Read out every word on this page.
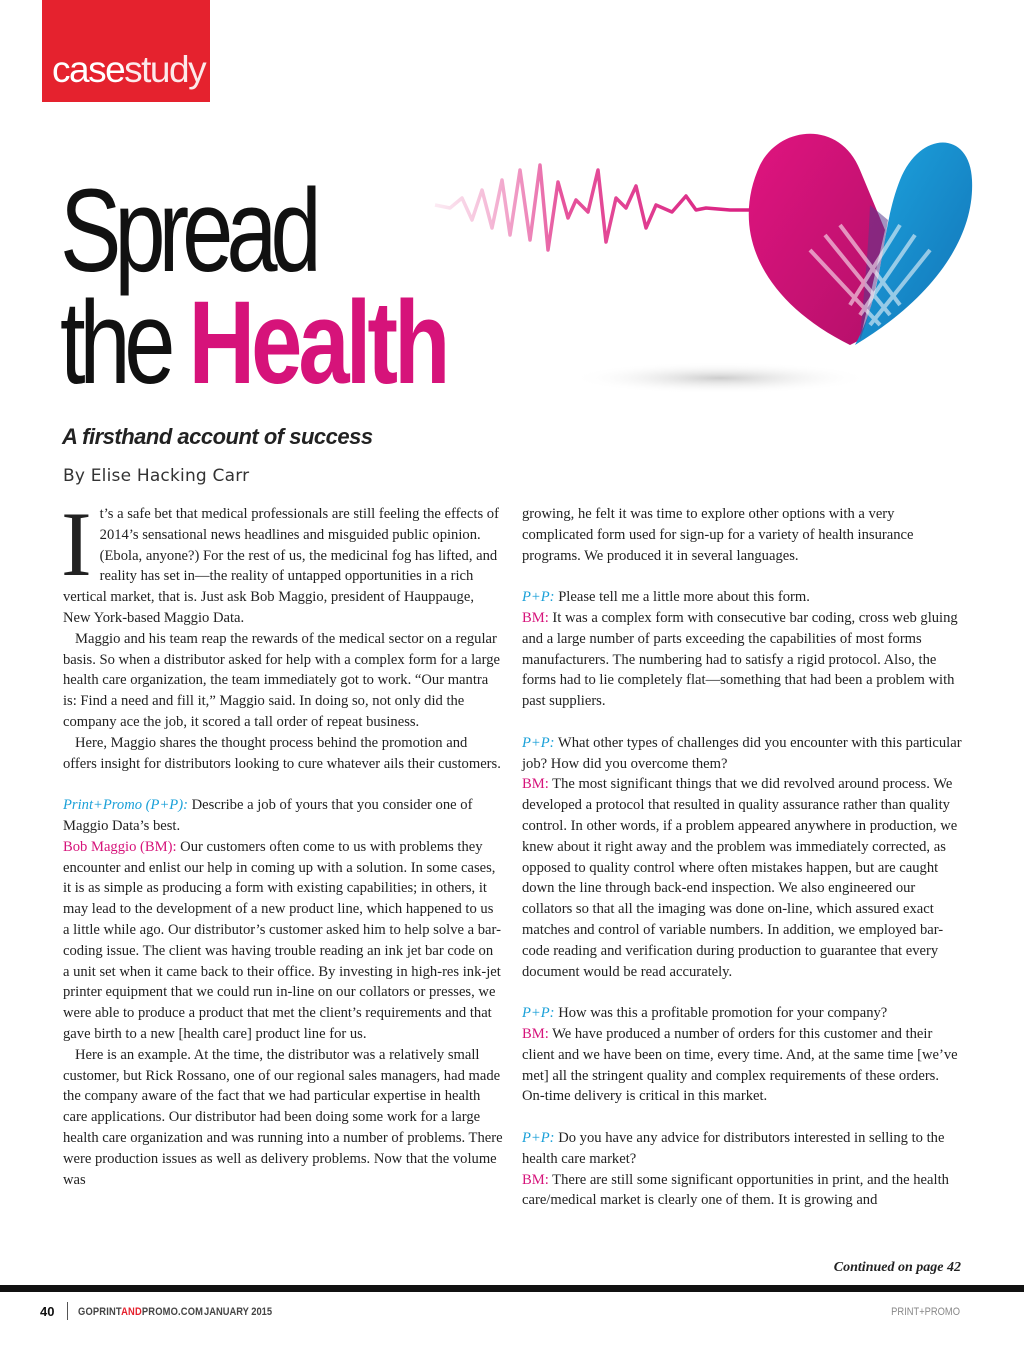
casestudy
Spread
the Health
A firsthand account of success
By Elise Hacking Carr

It’s a safe bet that medical professionals are still feeling the effects of 2014’s sensational news headlines and misguided public opinion. (Ebola, anyone?) For the rest of us, the medicinal fog has lifted, and reality has set in—the reality of untapped opportunities in a rich vertical market, that is. Just ask Bob Maggio, president of Hauppauge, New York-based Maggio Data.

Maggio and his team reap the rewards of the medical sector on a regular basis. So when a distributor asked for help with a complex form for a large health care organization, the team immediately got to work. “Our mantra is: Find a need and fill it,” Maggio said. In doing so, not only did the company ace the job, it scored a tall order of repeat business.

Here, Maggio shares the thought process behind the promotion and offers insight for distributors looking to cure whatever ails their customers.

Print+Promo (P+P): Describe a job of yours that you consider one of Maggio Data’s best.

Bob Maggio (BM): Our customers often come to us with problems they encounter and enlist our help in coming up with a solution. In some cases, it is as simple as producing a form with existing capabilities; in others, it may lead to the development of a new product line, which happened to us a little while ago. Our distributor’s customer asked him to help solve a bar-coding issue. The client was having trouble reading an ink jet bar code on a unit set when it came back to their office. By investing in high-res ink-jet printer equipment that we could run in-line on our collators or presses, we were able to produce a product that met the client’s requirements and that gave birth to a new [health care] product line for us.

Here is an example. At the time, the distributor was a relatively small customer, but Rick Rossano, one of our regional sales managers, had made the company aware of the fact that we had particular expertise in health care applications. Our distributor had been doing some work for a large health care organization and was running into a number of problems. There were production issues as well as delivery problems. Now that the volume was

growing, he felt it was time to explore other options with a very complicated form used for sign-up for a variety of health insurance programs. We produced it in several languages.

P+P: Please tell me a little more about this form.

BM: It was a complex form with consecutive bar coding, cross web gluing and a large number of parts exceeding the capabilities of most forms manufacturers. The numbering had to satisfy a rigid protocol. Also, the forms had to lie completely flat—something that had been a problem with past suppliers.

P+P: What other types of challenges did you encounter with this particular job? How did you overcome them?

BM: The most significant things that we did revolved around process. We developed a protocol that resulted in quality assurance rather than quality control. In other words, if a problem appeared anywhere in production, we knew about it right away and the problem was immediately corrected, as opposed to quality control where often mistakes happen, but are caught down the line through back-end inspection. We also engineered our collators so that all the imaging was done on-line, which assured exact matches and control of variable numbers. In addition, we employed bar-code reading and verification during production to guarantee that every document would be read accurately.

P+P: How was this a profitable promotion for your company?

BM: We have produced a number of orders for this customer and their client and we have been on time, every time. And, at the same time [we’ve met] all the stringent quality and complex requirements of these orders. On-time delivery is critical in this market.

P+P: Do you have any advice for distributors interested in selling to the health care market?

BM: There are still some significant opportunities in print, and the health care/medical market is clearly one of them. It is growing and

Continued on page 42
40 GOPRINTANDPROMO.COM JANUARY 2015	PRINT+PROMO
